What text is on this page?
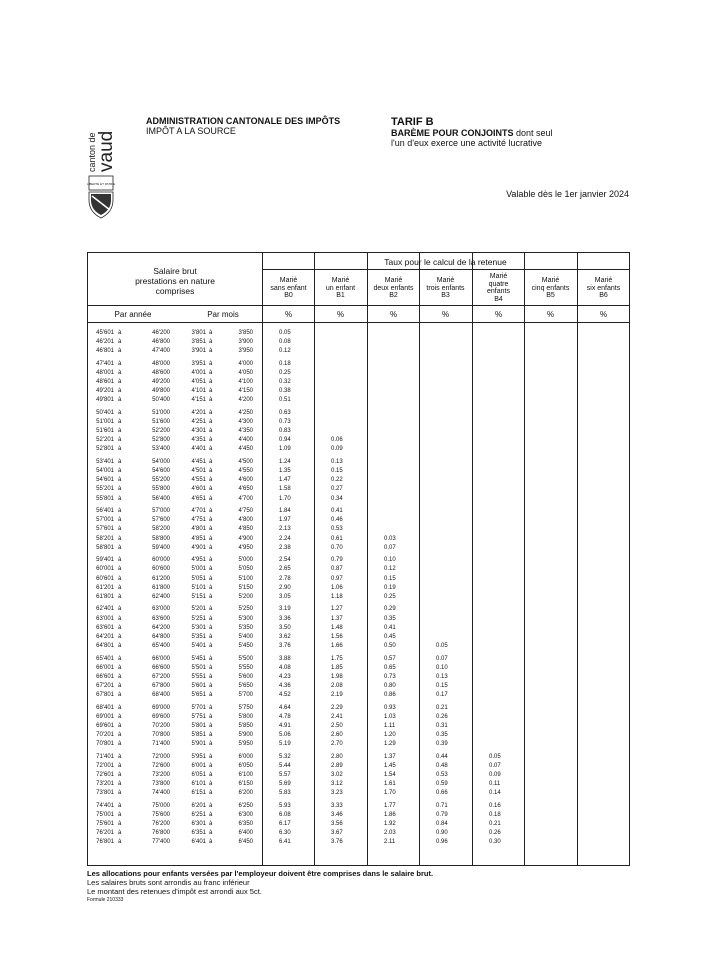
canton de vaud
LIBERTÉ ET PATRIE
ADMINISTRATION CANTONALE DES IMPÔTS
IMPÔT A LA SOURCE
TARIF B
BARÈME POUR CONJOINTS dont seul
l'un d'eux exerce une activité lucrative
Valable dès le 1er janvier 2024
Salaire brut
prestations en nature
comprises
Taux pour le calcul de la retenue
Marié
sans enfant
B0
Marié
un enfant
B1
Marié
deux enfants
B2
Marié
trois enfants
B3
Marié
quatre
enfants
B4
Marié
cinq enfants
B5
Marié
six enfants
B6
Par année	Par mois	%	%	%	%	%	%	%
45'601 à	46'200	3'801 à	3'850	0.05
46'201 à	46'800	3'851 à	3'900	0.08
46'801 à	47'400	3'901 à	3'950	0.12
47'401 à	48'000	3'951 à	4'000	0.18
48'001 à	48'600	4'001 à	4'050	0.25
48'601 à	49'200	4'051 à	4'100	0.32
49'201 à	49'800	4'101 à	4'150	0.38
49'801 à	50'400	4'151 à	4'200	0.51
50'401 à	51'000	4'201 à	4'250	0.63
51'001 à	51'600	4'251 à	4'300	0.73
51'601 à	52'200	4'301 à	4'350	0.83
52'201 à	52'800	4'351 à	4'400	0.94	0.06
52'801 à	53'400	4'401 à	4'450	1.09	0.09
53'401 à	54'000	4'451 à	4'500	1.24	0.13
54'001 à	54'600	4'501 à	4'550	1.35	0.15
54'601 à	55'200	4'551 à	4'600	1.47	0.22
55'201 à	55'800	4'601 à	4'650	1.58	0.27
55'801 à	56'400	4'651 à	4'700	1.70	0.34
56'401 à	57'000	4'701 à	4'750	1.84	0.41
57'001 à	57'600	4'751 à	4'800	1.97	0.46
57'601 à	58'200	4'801 à	4'850	2.13	0.53
58'201 à	58'800	4'851 à	4'900	2.24	0.61	0.03
58'801 à	59'400	4'901 à	4'950	2.38	0.70	0.07
59'401 à	60'000	4'951 à	5'000	2.54	0.79	0.10
60'001 à	60'600	5'001 à	5'050	2.65	0.87	0.12
60'601 à	61'200	5'051 à	5'100	2.78	0.97	0.15
61'201 à	61'800	5'101 à	5'150	2.90	1.06	0.19
61'801 à	62'400	5'151 à	5'200	3.05	1.18	0.25
62'401 à	63'000	5'201 à	5'250	3.19	1.27	0.29
63'001 à	63'600	5'251 à	5'300	3.36	1.37	0.35
63'601 à	64'200	5'301 à	5'350	3.50	1.48	0.41
64'201 à	64'800	5'351 à	5'400	3.62	1.56	0.45
64'801 à	65'400	5'401 à	5'450	3.76	1.66	0.50	0.05
65'401 à	66'000	5'451 à	5'500	3.88	1.75	0.57	0.07
66'001 à	66'600	5'501 à	5'550	4.08	1.85	0.65	0.10
66'601 à	67'200	5'551 à	5'600	4.23	1.98	0.73	0.13
67'201 à	67'800	5'601 à	5'650	4.36	2.08	0.80	0.15
67'801 à	68'400	5'651 à	5'700	4.52	2.19	0.86	0.17
68'401 à	69'000	5'701 à	5'750	4.64	2.29	0.93	0.21
69'001 à	69'600	5'751 à	5'800	4.78	2.41	1.03	0.26
69'601 à	70'200	5'801 à	5'850	4.91	2.50	1.11	0.31
70'201 à	70'800	5'851 à	5'900	5.06	2.60	1.20	0.35
70'801 à	71'400	5'901 à	5'950	5.19	2.70	1.29	0.39
71'401 à	72'000	5'951 à	6'000	5.32	2.80	1.37	0.44	0.05
72'001 à	72'600	6'001 à	6'050	5.44	2.89	1.45	0.48	0.07
72'601 à	73'200	6'051 à	6'100	5.57	3.02	1.54	0.53	0.09
73'201 à	73'800	6'101 à	6'150	5.69	3.12	1.61	0.59	0.11
73'801 à	74'400	6'151 à	6'200	5.83	3.23	1.70	0.66	0.14
74'401 à	75'000	6'201 à	6'250	5.93	3.33	1.77	0.71	0.16
75'001 à	75'600	6'251 à	6'300	6.08	3.46	1.86	0.79	0.18
75'601 à	76'200	6'301 à	6'350	6.17	3.56	1.92	0.84	0.21
76'201 à	76'800	6'351 à	6'400	6.30	3.67	2.03	0.90	0.26
76'801 à	77'400	6'401 à	6'450	6.41	3.76	2.11	0.96	0.30
Les allocations pour enfants versées par l'employeur doivent être comprises dans le salaire brut.
Les salaires bruts sont arrondis au franc inférieur
Le montant des retenues d'impôt est arrondi aux 5ct.
Formule 210333
